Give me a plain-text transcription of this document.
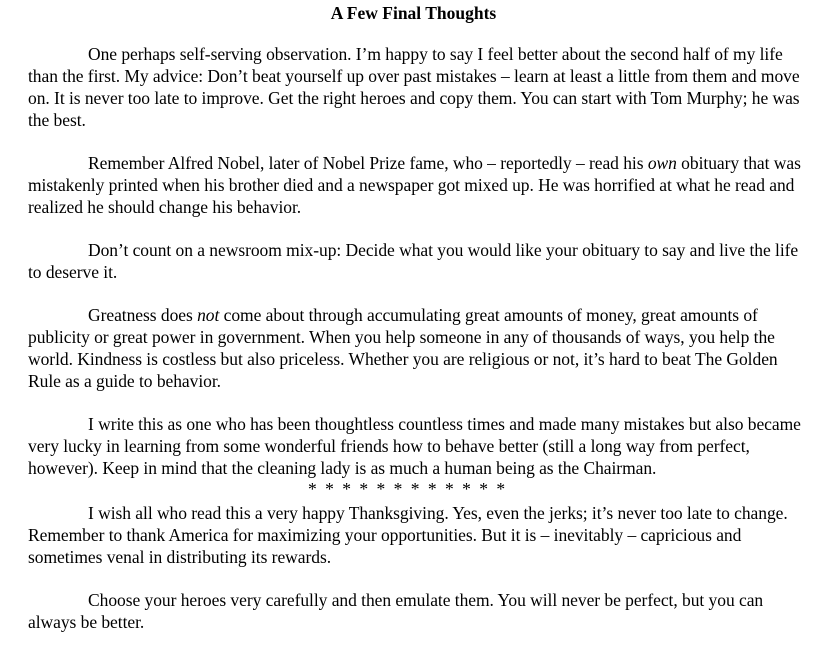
A Few Final Thoughts

One perhaps self-serving observation. I’m happy to say I feel better about the second half of my life than the first. My advice: Don’t beat yourself up over past mistakes – learn at least a little from them and move on. It is never too late to improve. Get the right heroes and copy them. You can start with Tom Murphy; he was the best.

Remember Alfred Nobel, later of Nobel Prize fame, who – reportedly – read his own obituary that was mistakenly printed when his brother died and a newspaper got mixed up. He was horrified at what he read and realized he should change his behavior.

Don’t count on a newsroom mix-up: Decide what you would like your obituary to say and live the life to deserve it.

Greatness does not come about through accumulating great amounts of money, great amounts of publicity or great power in government. When you help someone in any of thousands of ways, you help the world. Kindness is costless but also priceless. Whether you are religious or not, it’s hard to beat The Golden Rule as a guide to behavior.

I write this as one who has been thoughtless countless times and made many mistakes but also became very lucky in learning from some wonderful friends how to behave better (still a long way from perfect, however). Keep in mind that the cleaning lady is as much a human being as the Chairman.

* * * * * * * * * * * *

I wish all who read this a very happy Thanksgiving. Yes, even the jerks; it’s never too late to change. Remember to thank America for maximizing your opportunities. But it is – inevitably – capricious and sometimes venal in distributing its rewards.

Choose your heroes very carefully and then emulate them. You will never be perfect, but you can always be better.
